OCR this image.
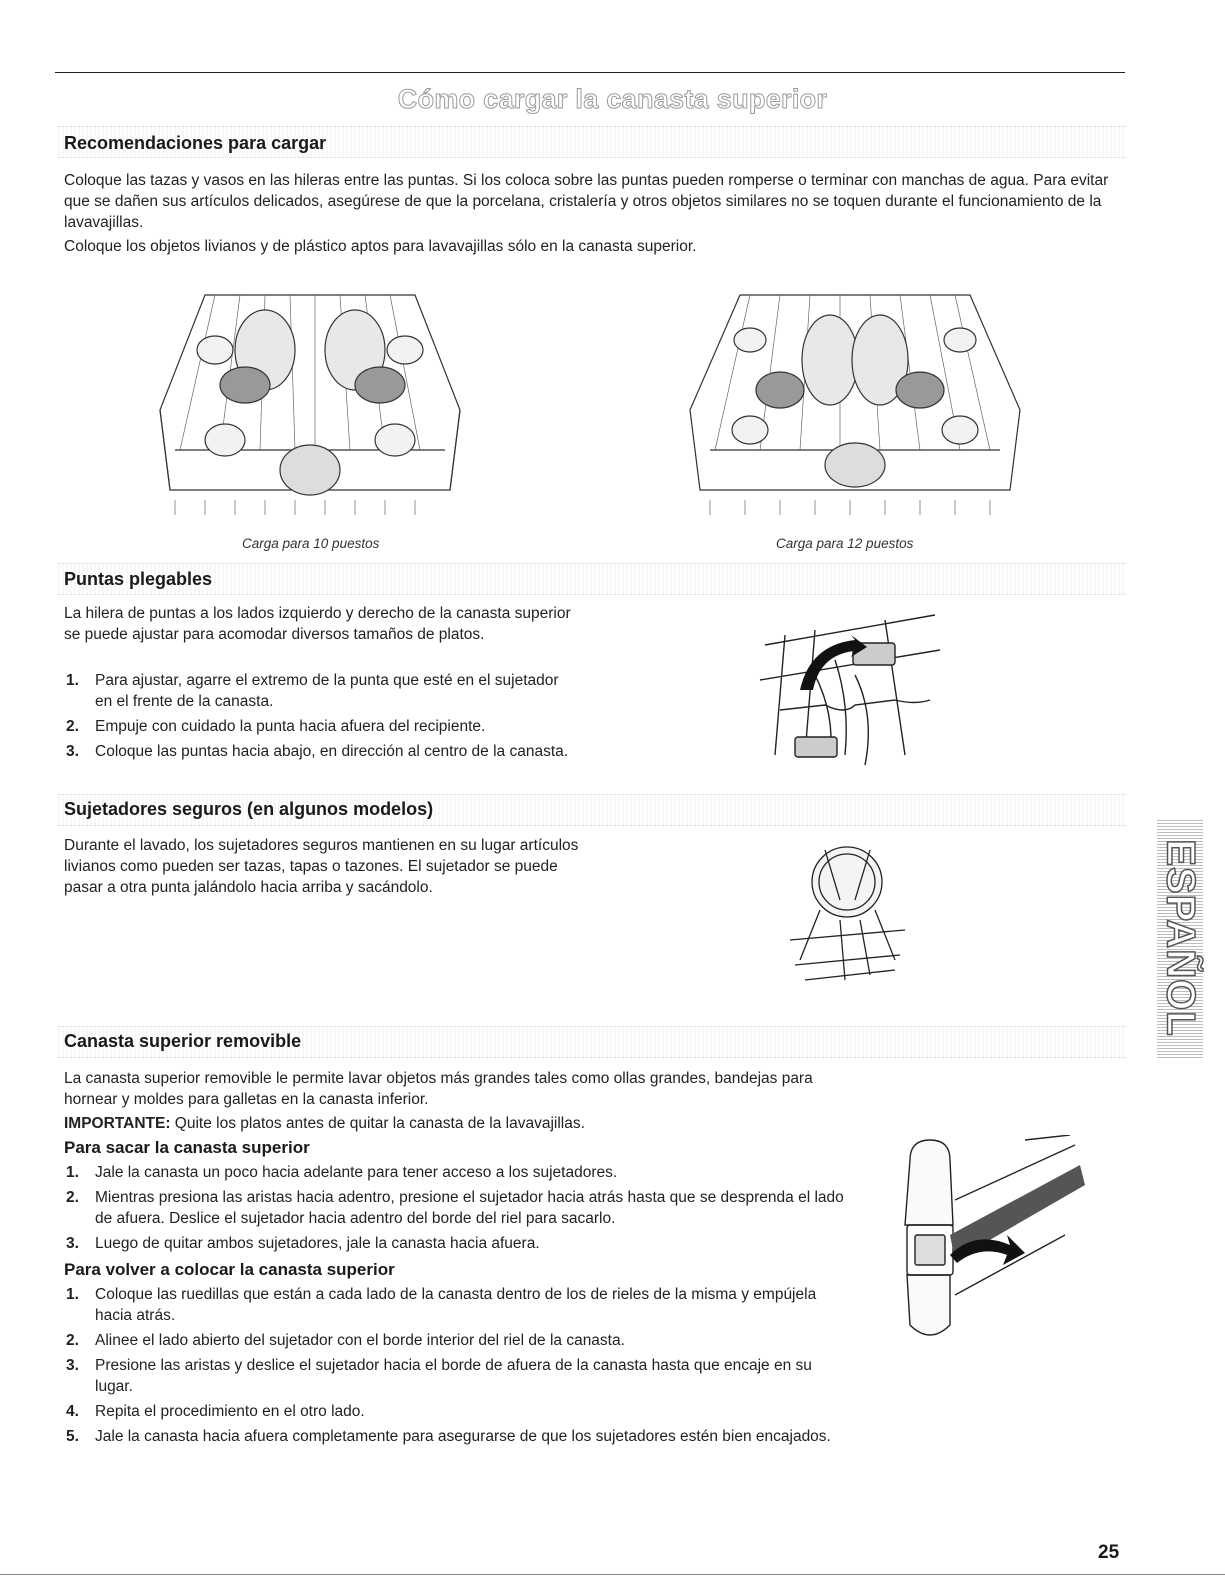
Cómo cargar la canasta superior
Recomendaciones para cargar
Coloque las tazas y vasos en las hileras entre las puntas. Si los coloca sobre las puntas pueden romperse o terminar con manchas de agua. Para evitar que se dañen sus artículos delicados, asegúrese de que la porcelana, cristalería y otros objetos similares no se toquen durante el funcionamiento de la lavavajillas.
Coloque los objetos livianos y de plástico aptos para lavavajillas sólo en la canasta superior.
Carga para 10 puestos	Carga para 12 puestos
Puntas plegables
La hilera de puntas a los lados izquierdo y derecho de la canasta superior se puede ajustar para acomodar diversos tamaños de platos.
1. Para ajustar, agarre el extremo de la punta que esté en el sujetador en el frente de la canasta.
2. Empuje con cuidado la punta hacia afuera del recipiente.
3. Coloque las puntas hacia abajo, en dirección al centro de la canasta.
Sujetadores seguros (en algunos modelos)
Durante el lavado, los sujetadores seguros mantienen en su lugar artículos livianos como pueden ser tazas, tapas o tazones. El sujetador se puede pasar a otra punta jalándolo hacia arriba y sacándolo.
Canasta superior removible
La canasta superior removible le permite lavar objetos más grandes tales como ollas grandes, bandejas para hornear y moldes para galletas en la canasta inferior.
IMPORTANTE: Quite los platos antes de quitar la canasta de la lavavajillas.
Para sacar la canasta superior
1. Jale la canasta un poco hacia adelante para tener acceso a los sujetadores.
2. Mientras presiona las aristas hacia adentro, presione el sujetador hacia atrás hasta que se desprenda el lado de afuera. Deslice el sujetador hacia adentro del borde del riel para sacarlo.
3. Luego de quitar ambos sujetadores, jale la canasta hacia afuera.
Para volver a colocar la canasta superior
1. Coloque las ruedillas que están a cada lado de la canasta dentro de los de rieles de la misma y empújela hacia atrás.
2. Alinee el lado abierto del sujetador con el borde interior del riel de la canasta.
3. Presione las aristas y deslice el sujetador hacia el borde de afuera de la canasta hasta que encaje en su lugar.
4. Repita el procedimiento en el otro lado.
5. Jale la canasta hacia afuera completamente para asegurarse de que los sujetadores estén bien encajados.
ESPAÑOL
25
